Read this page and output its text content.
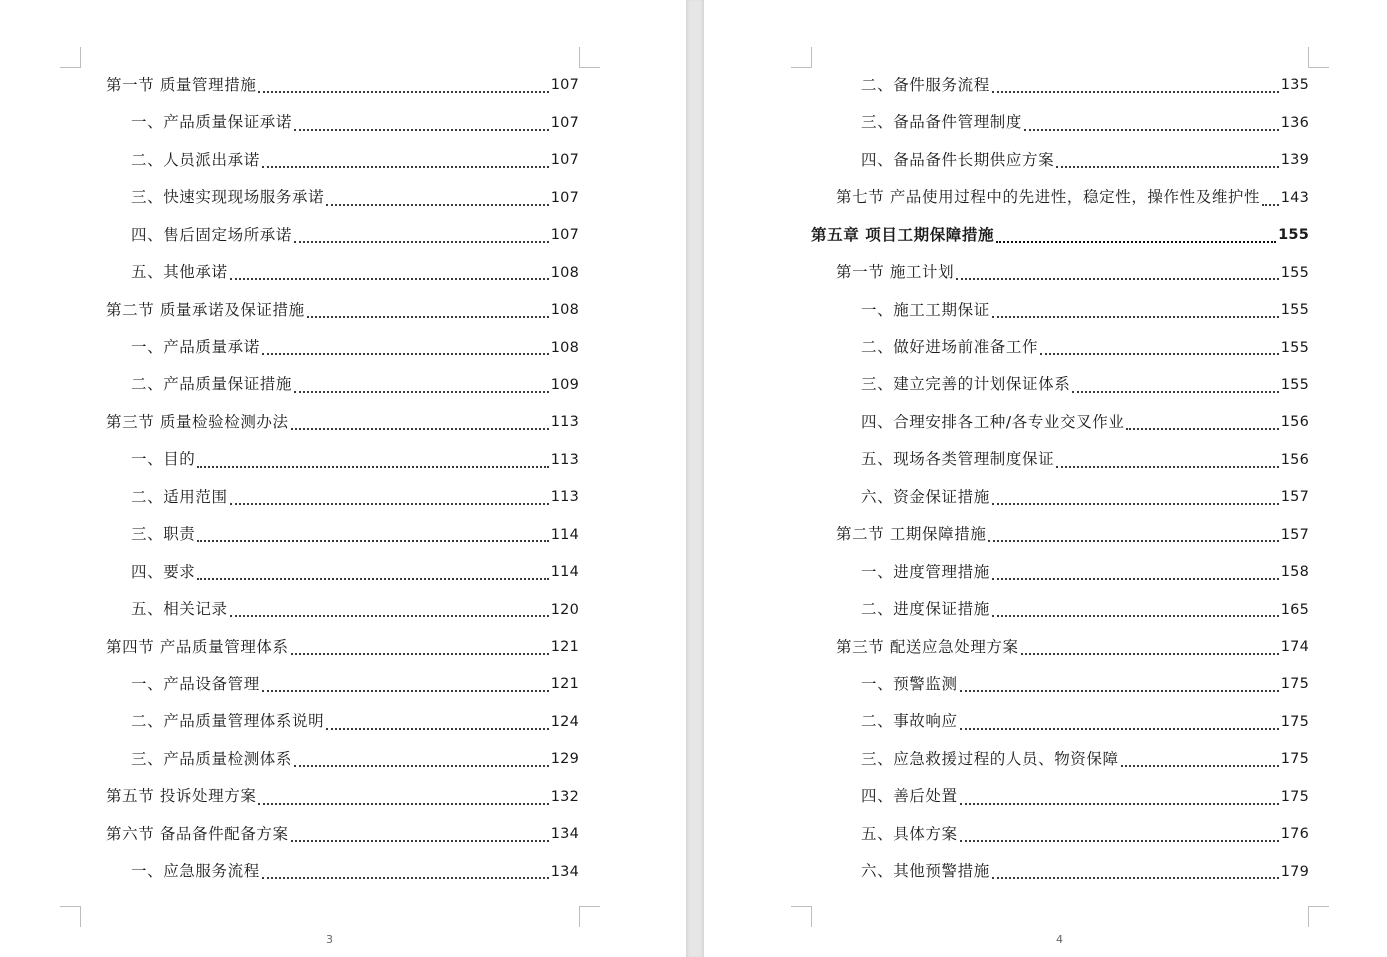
第一节 质量管理措施	107
一、产品质量保证承诺	107
二、人员派出承诺	107
三、快速实现现场服务承诺	107
四、售后固定场所承诺	107
五、其他承诺	108
第二节 质量承诺及保证措施	108
一、产品质量承诺	108
二、产品质量保证措施	109
第三节 质量检验检测办法	113
一、目的	113
二、适用范围	113
三、职责	114
四、要求	114
五、相关记录	120
第四节 产品质量管理体系	121
一、产品设备管理	121
二、产品质量管理体系说明	124
三、产品质量检测体系	129
第五节 投诉处理方案	132
第六节 备品备件配备方案	134
一、应急服务流程	134
3
二、备件服务流程	135
三、备品备件管理制度	136
四、备品备件长期供应方案	139
第七节 产品使用过程中的先进性，稳定性，操作性及维护性 143
第五章 项目工期保障措施	155
第一节 施工计划	155
一、施工工期保证	155
二、做好进场前准备工作	155
三、建立完善的计划保证体系	155
四、合理安排各工种/各专业交叉作业	156
五、现场各类管理制度保证	156
六、资金保证措施	157
第二节 工期保障措施	157
一、进度管理措施	158
二、进度保证措施	165
第三节 配送应急处理方案	174
一、预警监测	175
二、事故响应	175
三、应急救援过程的人员、物资保障	175
四、善后处置	175
五、具体方案	176
六、其他预警措施	179
4
